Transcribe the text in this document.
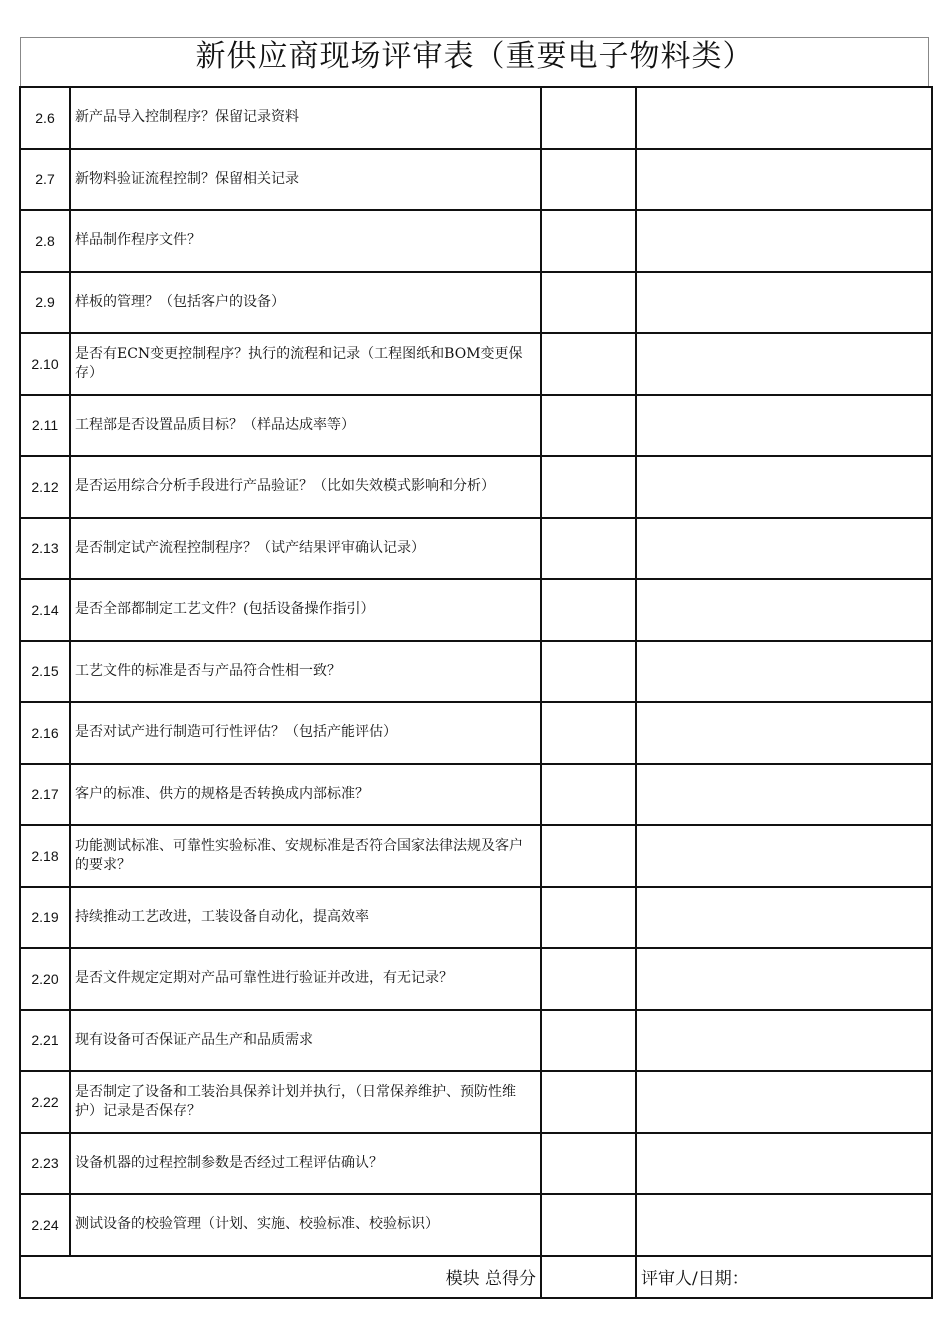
新供应商现场评审表（重要电子物料类）
2.6	新产品导入控制程序？保留记录资料		
2.7	新物料验证流程控制？保留相关记录		
2.8	样品制作程序文件？		
2.9	样板的管理？（包括客户的设备）		
2.10	是否有ECN变更控制程序？执行的流程和记录（工程图纸和BOM变更保存）		
2.11	工程部是否设置品质目标？（样品达成率等）		
2.12	是否运用综合分析手段进行产品验证？（比如失效模式影响和分析）		
2.13	是否制定试产流程控制程序？（试产结果评审确认记录）		
2.14	是否全部都制定工艺文件？(包括设备操作指引）		
2.15	工艺文件的标准是否与产品符合性相一致？		
2.16	是否对试产进行制造可行性评估？（包括产能评估）		
2.17	客户的标准、供方的规格是否转换成内部标准？		
2.18	功能测试标准、可靠性实验标准、安规标准是否符合国家法律法规及客户的要求？		
2.19	持续推动工艺改进，工装设备自动化，提高效率		
2.20	是否文件规定定期对产品可靠性进行验证并改进，有无记录？		
2.21	现有设备可否保证产品生产和品质需求		
2.22	是否制定了设备和工装治具保养计划并执行，（日常保养维护、预防性维护）记录是否保存？		
2.23	设备机器的过程控制参数是否经过工程评估确认？		
2.24	测试设备的校验管理（计划、实施、校验标准、校验标识）		
模块 总得分			评审人/日期：
